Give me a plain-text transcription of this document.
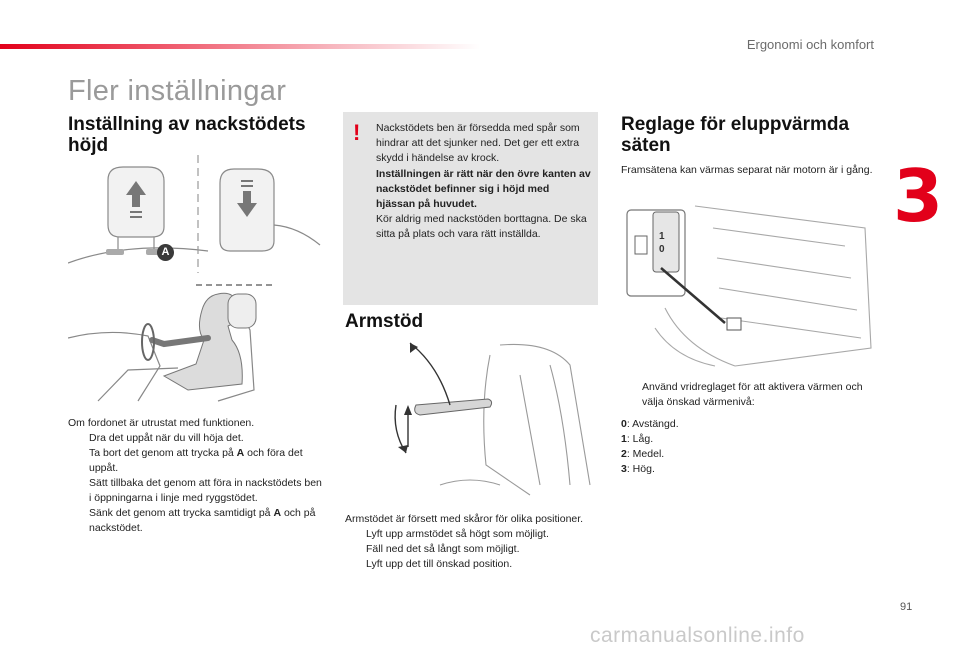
Ergonomi och komfort
3
Fler inställningar
Inställning av nackstödets höjd
A
Om fordonet är utrustat med funktionen.
Dra det uppåt när du vill höja det.
Ta bort det genom att trycka på A och föra det uppåt.
Sätt tillbaka det genom att föra in nackstödets ben i öppningarna i linje med ryggstödet.
Sänk det genom att trycka samtidigt på A och på nackstödet.
! Nackstödets ben är försedda med spår som hindrar att det sjunker ned. Det ger ett extra skydd i händelse av krock.
Inställningen är rätt när den övre kanten av nackstödet befinner sig i höjd med hjässan på huvudet.
Kör aldrig med nackstöden borttagna. De ska sitta på plats och vara rätt inställda.
Armstöd
Armstödet är försett med skåror för olika positioner.
Lyft upp armstödet så högt som möjligt.
Fäll ned det så långt som möjligt.
Lyft upp det till önskad position.
Reglage för eluppvärmda säten
Framsätena kan värmas separat när motorn är i gång.
1
0
Använd vridreglaget för att aktivera värmen och välja önskad värmenivå:
0: Avstängd.
1: Låg.
2: Medel.
3: Hög.
91
carmanualsonline.info
